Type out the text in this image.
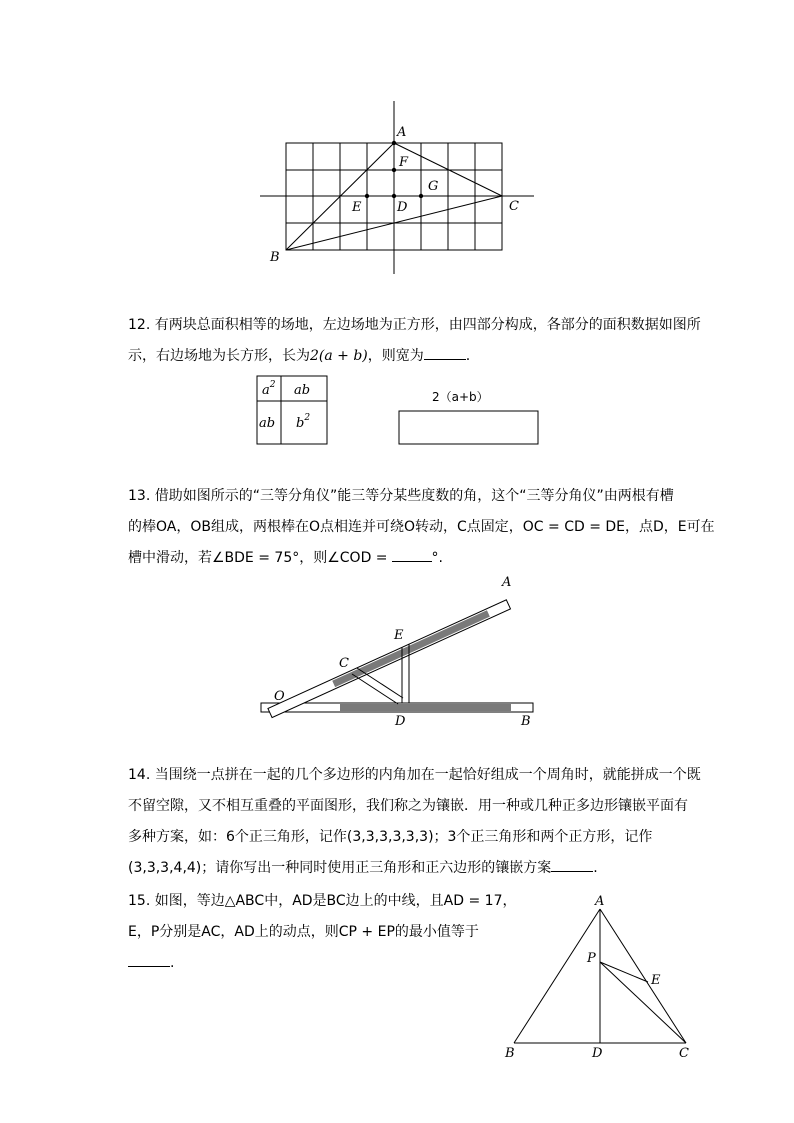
A
B
C
D
E
F
G
12. 有两块总面积相等的场地，左边场地为正方形，由四部分构成，各部分的面积数据如图所
示，右边场地为长方形，长为2(a + b)，则宽为	.
$a^2$ ab
ab $b^2$
2（a+b）
13. 借助如图所示的“三等分角仪”能三等分某些度数的角，这个“三等分角仪”由两根有槽
的棒OA，OB组成，两根棒在O点相连并可绕O转动，C点固定，OC = CD = DE，点D，E可在
槽中滑动，若∠BDE = 75°，则∠COD =	°.
A
B
C
D
E
O
14. 当围绕一点拼在一起的几个多边形的内角加在一起恰好组成一个周角时，就能拼成一个既
不留空隙，又不相互重叠的平面图形，我们称之为镶嵌．用一种或几种正多边形镶嵌平面有
多种方案，如：6个正三角形，记作(3,3,3,3,3,3)；3个正三角形和两个正方形，记作
(3,3,3,4,4)；请你写出一种同时使用正三角形和正六边形的镶嵌方案	.
15. 如图，等边△ABC中，AD是BC边上的中线，且AD = 17，
E，P分别是AC，AD上的动点，则CP + EP的最小值等于
.
A
B	C
D
E
P
